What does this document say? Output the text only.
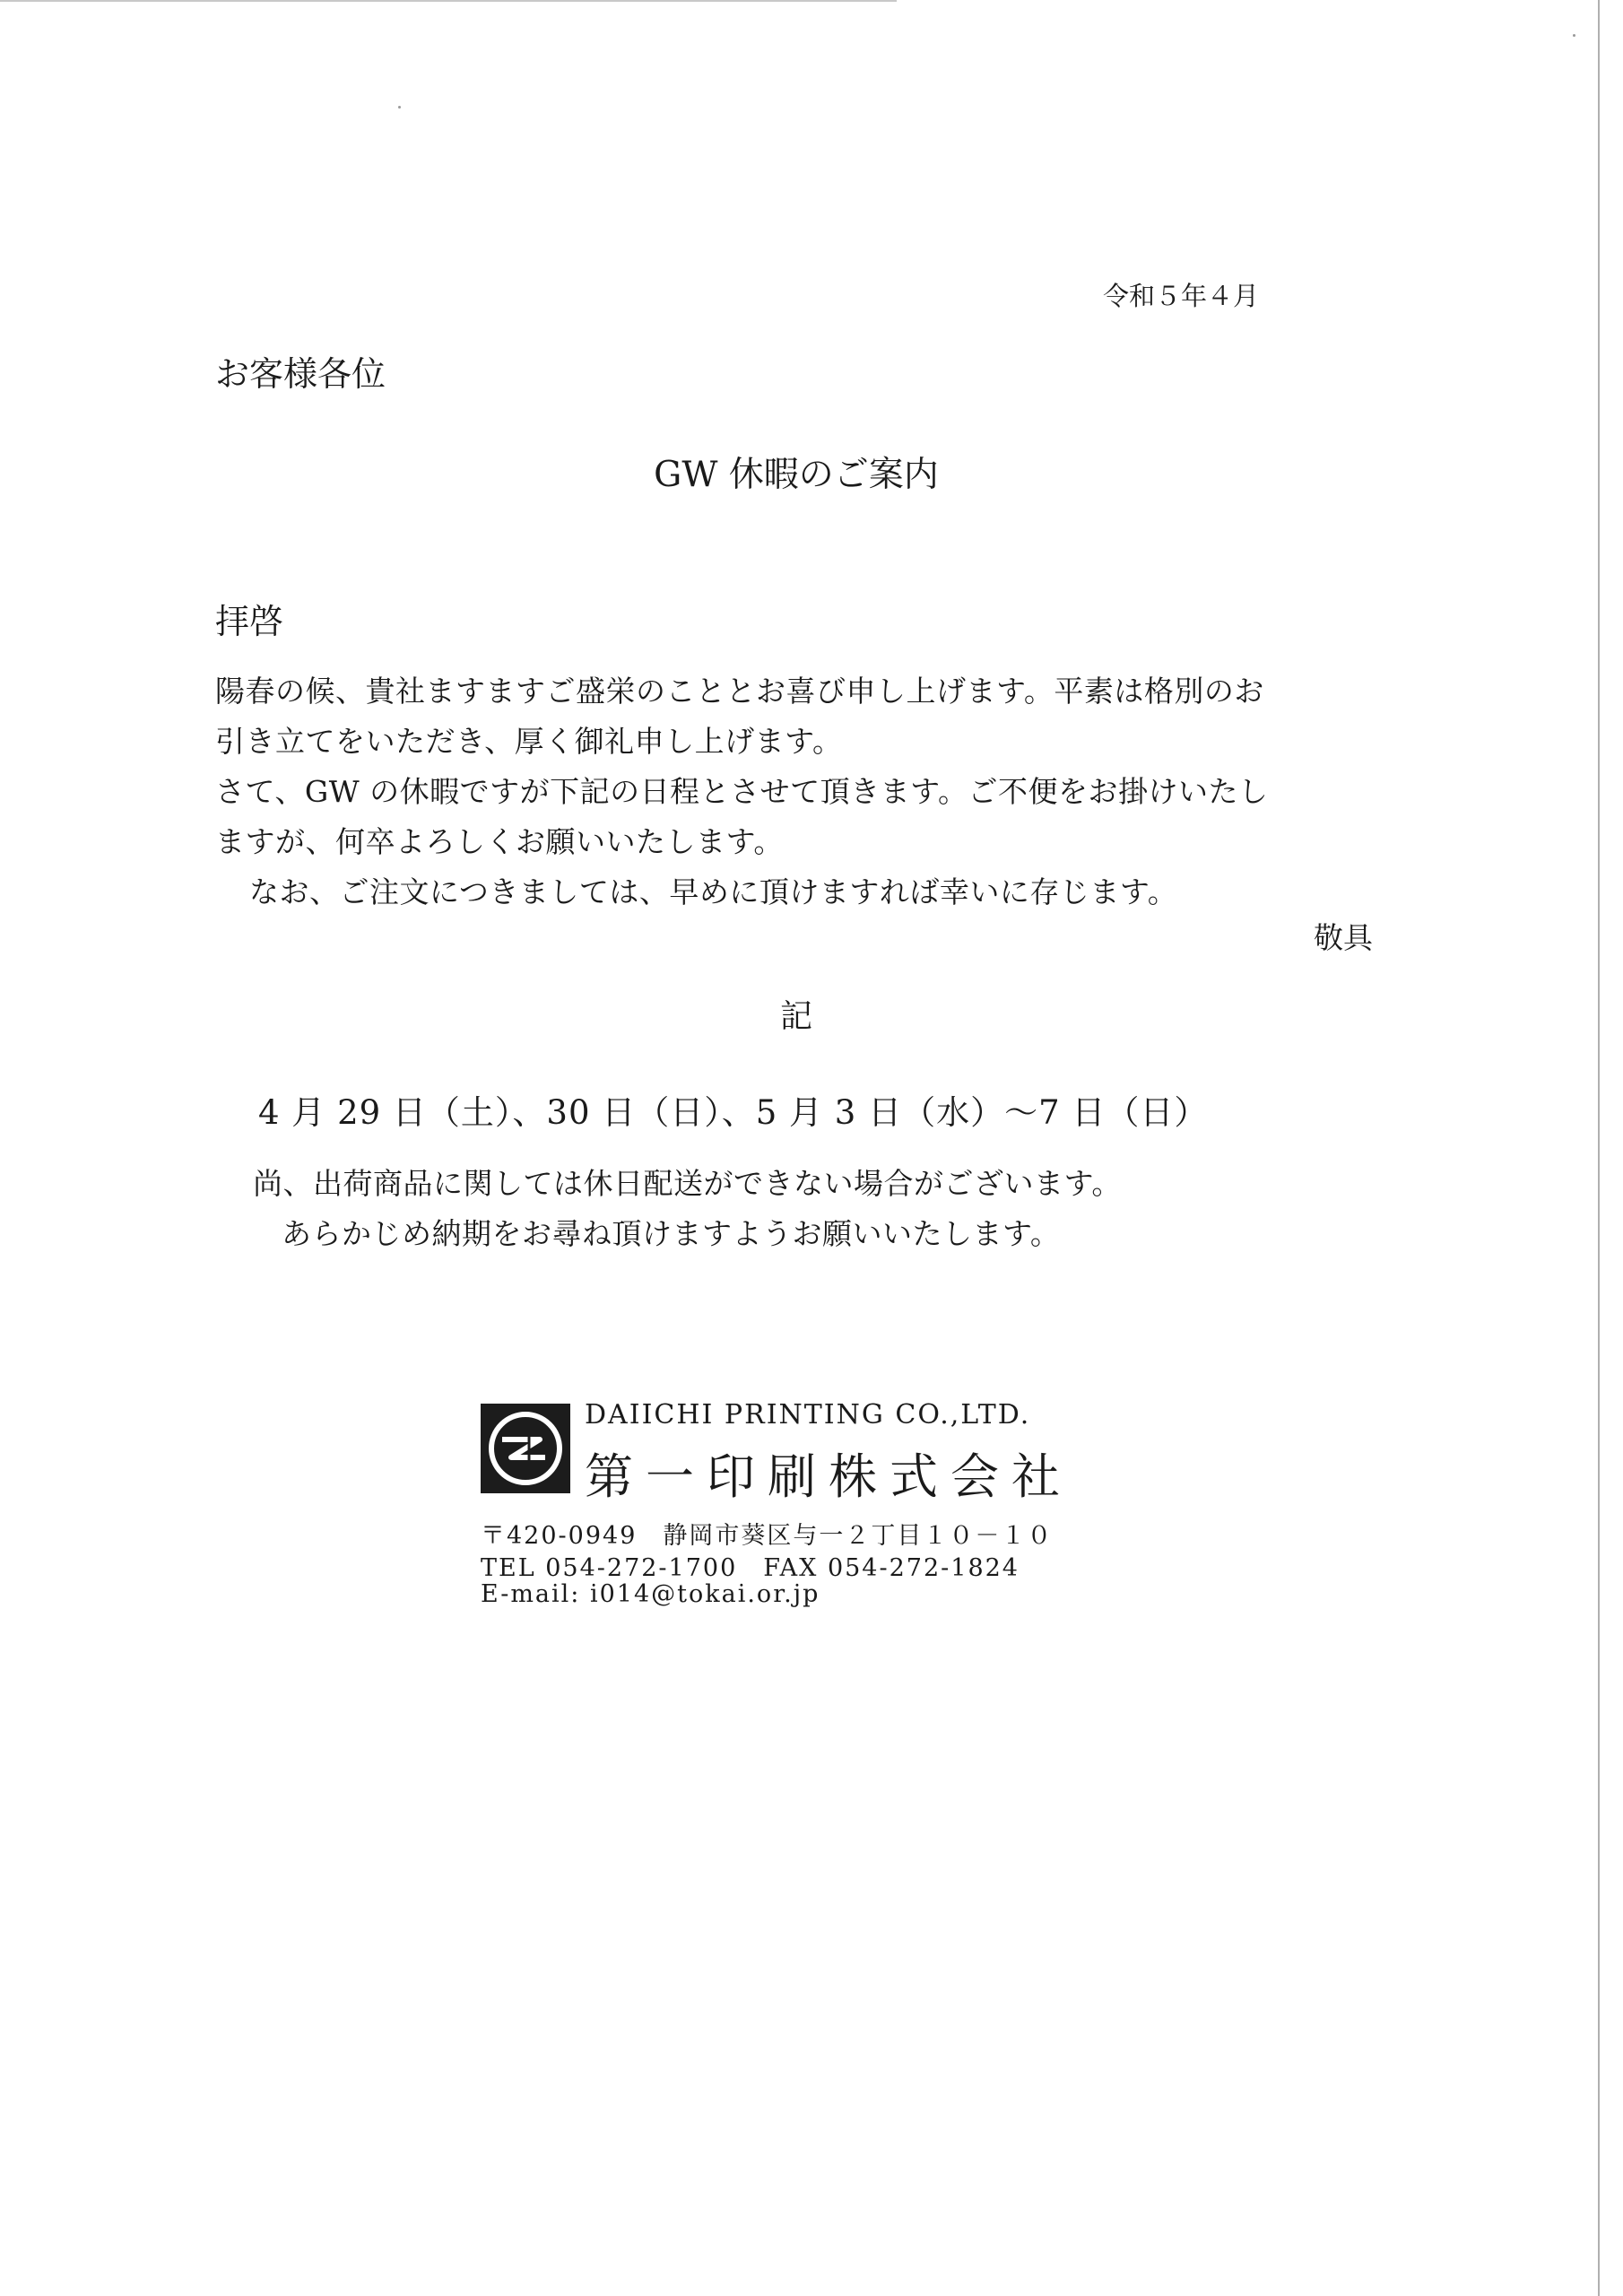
令和５年４月
お客様各位
GW 休暇のご案内
拝啓
陽春の候、貴社ますますご盛栄のこととお喜び申し上げます。平素は格別のお
引き立てをいただき、厚く御礼申し上げます。
さて、GW の休暇ですが下記の日程とさせて頂きます。ご不便をお掛けいたし
ますが、何卒よろしくお願いいたします。
なお、ご注文につきましては、早めに頂けますれば幸いに存じます。
敬具
記
4 月 29 日（土）、30 日（日）、5 月 3 日（水）～7 日（日）
尚、出荷商品に関しては休日配送ができない場合がございます。
あらかじめ納期をお尋ね頂けますようお願いいたします。
DAIICHI PRINTING CO.,LTD.
第一印刷株式会社
〒420-0949　静岡市葵区与一２丁目１０－１０
TEL 054-272-1700　FAX 054-272-1824
E-mail: i014@tokai.or.jp
